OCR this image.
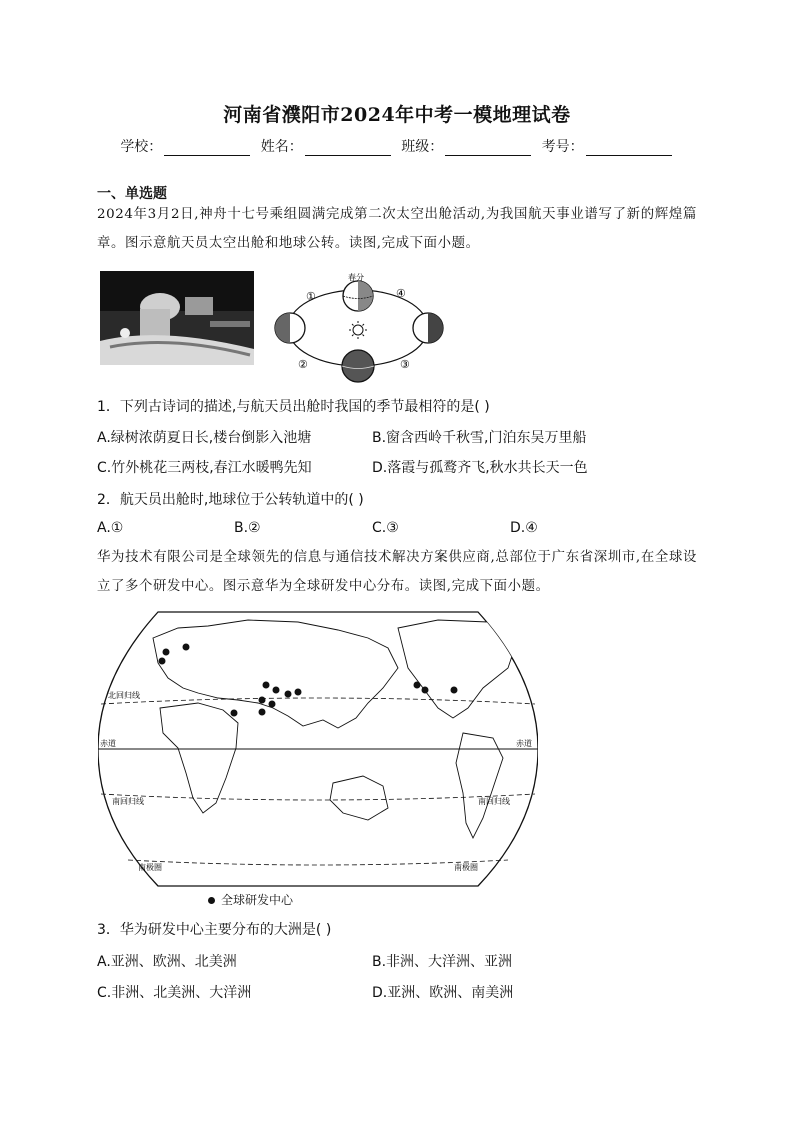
河南省濮阳市2024年中考一模地理试卷
学校：	姓名：	班级：	考号：
一、单选题
2024年3月2日,神舟十七号乘组圆满完成第二次太空出舱活动,为我国航天事业谱写了新的辉煌篇章。图示意航天员太空出舱和地球公转。读图,完成下面小题。
春分
①
②	③
④
1．下列古诗词的描述,与航天员出舱时我国的季节最相符的是( )
A.绿树浓荫夏日长,楼台倒影入池塘	B.窗含西岭千秋雪,门泊东吴万里船
C.竹外桃花三两枝,春江水暖鸭先知	D.落霞与孤鹜齐飞,秋水共长天一色
2．航天员出舱时,地球位于公转轨道中的( )
A.①	B.②	C.③	D.④
华为技术有限公司是全球领先的信息与通信技术解决方案供应商,总部位于广东省深圳市,在全球设立了多个研发中心。图示意华为全球研发中心分布。读图,完成下面小题。
北回归线
赤道	赤道
南回归线	南回归线
南极圈	南极圈
全球研发中心
3．华为研发中心主要分布的大洲是( )
A.亚洲、欧洲、北美洲	B.非洲、大洋洲、亚洲
C.非洲、北美洲、大洋洲	D.亚洲、欧洲、南美洲
